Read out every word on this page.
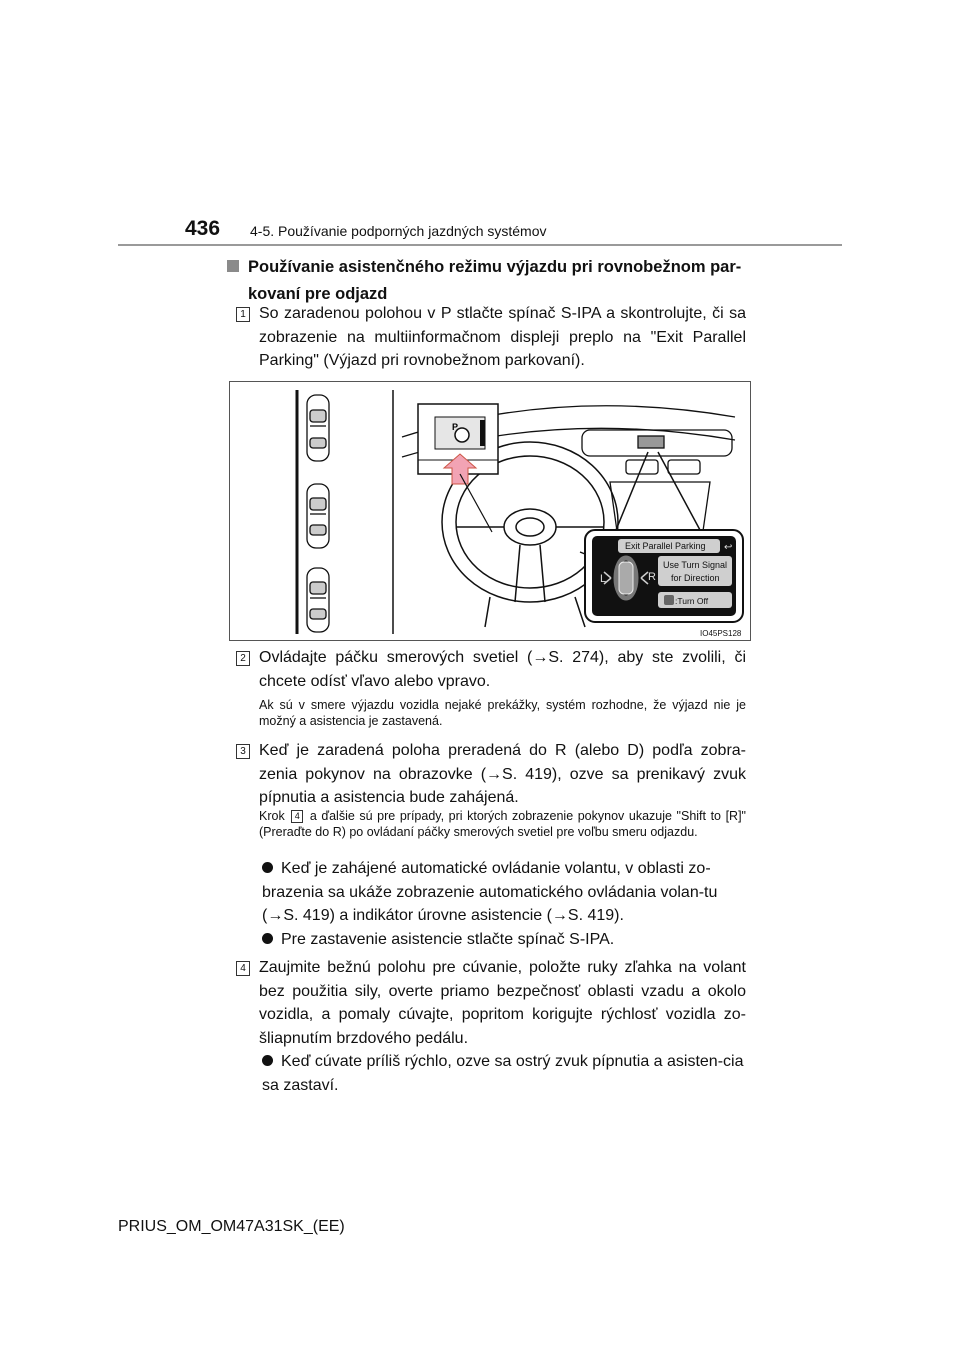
436 4-5. Používanie podporných jazdných systémov
Používanie asistenčného režimu výjazdu pri rovnobežnom par-
kovaní pre odjazd
1 So zaradenou polohou v P stlačte spínač S-IPA a skontrolujte, či sa zobrazenie na multiinformačnom displeji preplo na "Exit Parallel Parking" (Výjazd pri rovnobežnom parkovaní).
P
Exit Parallel Parking ↩
L	R
Use Turn Signal
for Direction
:Turn Off
IO45PS128
2 Ovládajte páčku smerových svetiel (→S. 274), aby ste zvolili, či chcete odísť vľavo alebo vpravo.
Ak sú v smere výjazdu vozidla nejaké prekážky, systém rozhodne, že výjazd nie je možný a asistencia je zastavená.
3 Keď je zaradená poloha preradená do R (alebo D) podľa zobra-zenia pokynov na obrazovke (→S. 419), ozve sa prenikavý zvuk pípnutia a asistencia bude zahájená.
Krok 4 a ďalšie sú pre prípady, pri ktorých zobrazenie pokynov ukazuje "Shift to [R]" (Preraďte do R) po ovládaní páčky smerových svetiel pre voľbu smeru odjazdu.
Keď je zahájené automatické ovládanie volantu, v oblasti zo-brazenia sa ukáže zobrazenie automatického ovládania volan-tu (→S. 419) a indikátor úrovne asistencie (→S. 419).
Pre zastavenie asistencie stlačte spínač S-IPA.
4 Zaujmite bežnú polohu pre cúvanie, položte ruky zľahka na volant bez použitia sily, overte priamo bezpečnosť oblasti vzadu a okolo vozidla, a pomaly cúvajte, popritom korigujte rýchlosť vozidla zo-šliapnutím brzdového pedálu.
Keď cúvate príliš rýchlo, ozve sa ostrý zvuk pípnutia a asisten-cia sa zastaví.
PRIUS_OM_OM47A31SK_(EE)
